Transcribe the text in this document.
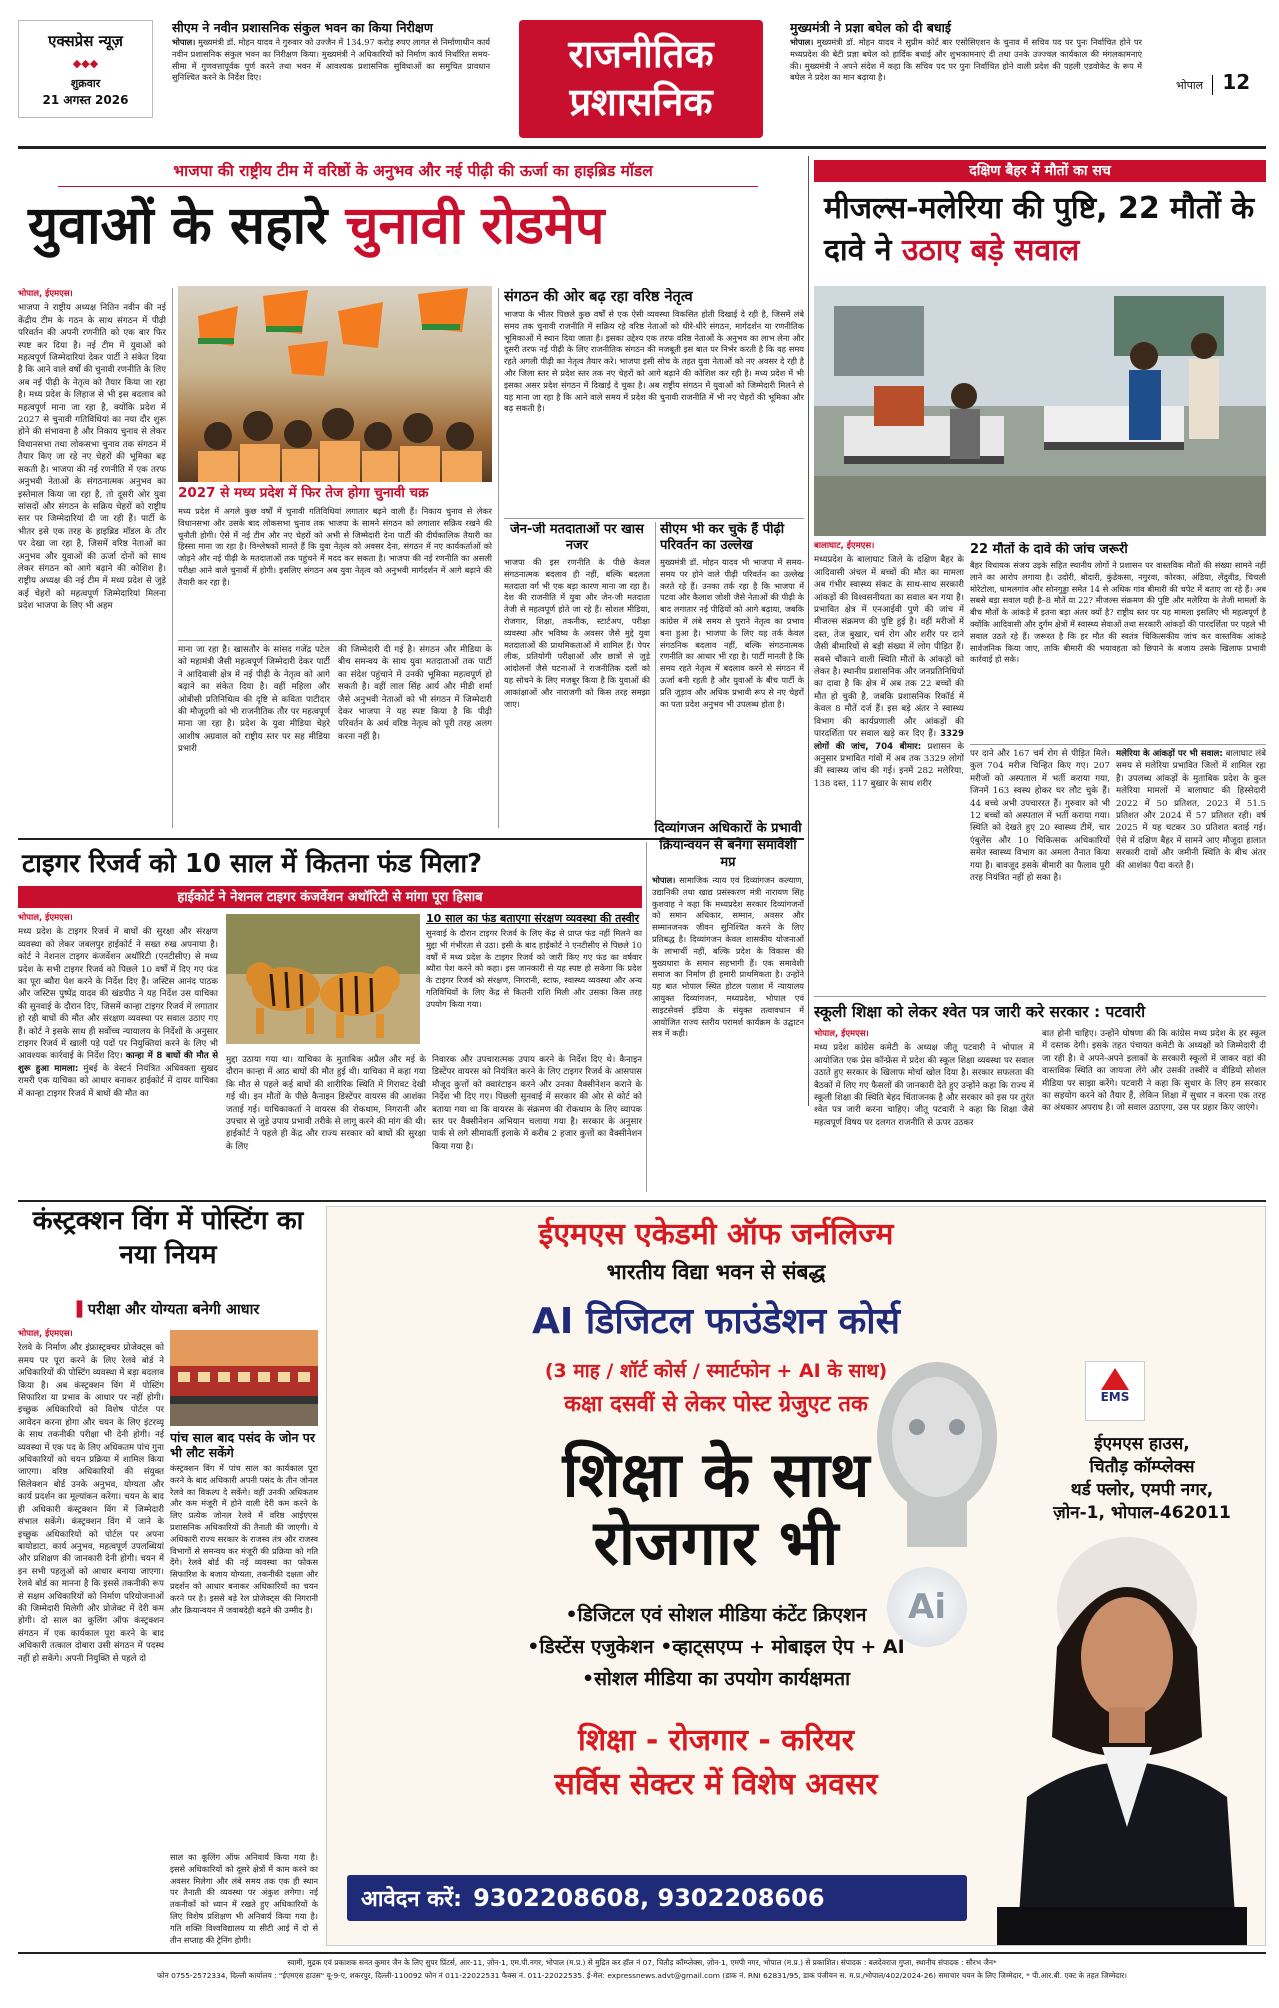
एक्सप्रेस न्यूज़
◆◆◆
शुक्रवार
21 अगस्त 2026
सीएम ने नवीन प्रशासनिक संकुल भवन का किया निरीक्षण
भोपाल। मुख्यमंत्री डॉ. मोहन यादव ने गुरुवार को उज्जैन में 134.97 करोड़ रुपए लागत से निर्माणाधीन कार्य नवीन प्रशासनिक संकुल भवन का निरीक्षण किया। मुख्यमंत्री ने अधिकारियों को निर्माण कार्य निर्धारित समय-सीमा में गुणवत्तापूर्वक पूर्ण करने तथा भवन में आवश्यक प्रशासनिक सुविधाओं का समुचित प्रावधान सुनिश्चित करने के निर्देश दिए।
राजनीतिक
प्रशासनिक
मुख्यमंत्री ने प्रज्ञा बघेल को दी बधाई
भोपाल। मुख्यमंत्री डॉ. मोहन यादव ने सुप्रीम कोर्ट बार एसोसिएशन के चुनाव में सचिव पद पर पुनः निर्वाचित होने पर मध्यप्रदेश की बेटी प्रज्ञा बघेल को हार्दिक बधाई और शुभकामनाएं दी तथा उनके उज्ज्वल कार्यकाल की मंगलकामनाएं की। मुख्यमंत्री ने अपने संदेश में कहा कि सचिव पद पर पुनः निर्वाचित होने वाली प्रदेश की पहली एडवोकेट के रूप में बघेल ने प्रदेश का मान बढ़ाया है।
भोपाल 12
भाजपा की राष्ट्रीय टीम में वरिष्ठों के अनुभव और नई पीढ़ी की ऊर्जा का हाइब्रिड मॉडल
युवाओं के सहारे चुनावी रोडमेप
भोपाल, ईएमएस।
भाजपा ने राष्ट्रीय अध्यक्ष नितिन नवीन की नई केंद्रीय टीम के गठन के साथ संगठन में पीढ़ी परिवर्तन की अपनी रणनीति को एक बार फिर स्पष्ट कर दिया है। नई टीम में युवाओं को महत्वपूर्ण जिम्मेदारियां देकर पार्टी ने संकेत दिया है कि आने वाले वर्षों की चुनावी रणनीति के लिए अब नई पीढ़ी के नेतृत्व को तैयार किया जा रहा है। मध्य प्रदेश के लिहाज से भी इस बदलाव को महत्वपूर्ण माना जा रहा है, क्योंकि प्रदेश में 2027 से चुनावी गतिविधियां का नया दौर शुरू होने की संभावना है और निकाय चुनाव से लेकर विधानसभा तथा लोकसभा चुनाव तक संगठन में तैयार किए जा रहे नए चेहरों की भूमिका बढ़ सकती है। भाजपा की नई रणनीति में एक तरफ अनुभवी नेताओं के संगठनात्मक अनुभव का इस्तेमाल किया जा रहा है, तो दूसरी ओर युवा सांसदों और संगठन के सक्रिय चेहरों को राष्ट्रीय स्तर पर जिम्मेदारियां दी जा रही हैं। पार्टी के भीतर इसे एक तरह के हाइब्रिड मॉडल के तौर पर देखा जा रहा है, जिसमें वरिष्ठ नेताओं का अनुभव और युवाओं की ऊर्जा दोनों को साथ लेकर संगठन को आगे बढ़ाने की कोशिश है। राष्ट्रीय अध्यक्ष की नई टीम में मध्य प्रदेश से जुड़े कई चेहरों को महत्वपूर्ण जिम्मेदारियां मिलना प्रदेश भाजपा के लिए भी अहम
2027 से मध्य प्रदेश में फिर तेज होगा चुनावी चक्र
मध्य प्रदेश में अगले कुछ वर्षों में चुनावी गतिविधियां लगातार बढ़ने वाली हैं। निकाय चुनाव से लेकर विधानसभा और उसके बाद लोकसभा चुनाव तक भाजपा के सामने संगठन को लगातार सक्रिय रखने की चुनौती होगी। ऐसे में नई टीम और नए चेहरों को अभी से जिम्मेदारी देना पार्टी की दीर्घकालिक तैयारी का हिस्सा माना जा रहा है। विश्लेषकों मानते हैं कि युवा नेतृत्व को अवसर देना, संगठन में नए कार्यकर्ताओं को जोड़ने और नई पीढ़ी के मतदाताओं तक पहुंचने में मदद कर सकता है। भाजपा की नई रणनीति का असली परीक्षा आने वाले चुनावों में होगी। इसलिए संगठन अब युवा नेतृत्व को अनुभवी मार्गदर्शन में आगे बढ़ाने की तैयारी कर रहा है।
माना जा रहा है। खासतौर के सांसद गजेंद्र पटेल को महामंत्री जैसी महत्वपूर्ण जिम्मेदारी देकर पार्टी ने आदिवासी क्षेत्र में नई पीढ़ी के नेतृत्व को आगे बढ़ाने का संकेत दिया है। वहीं महिला और ओबीसी प्रतिनिधित्व की दृष्टि से कविता पाटीदार की मौजूदगी को भी राजनीतिक तौर पर महत्वपूर्ण माना जा रहा है। प्रदेश के युवा मीडिया चेहरे आशीष अग्रवाल को राष्ट्रीय स्तर पर सह मीडिया प्रभारी
की जिम्मेदारी दी गई है। संगठन और मीडिया के बीच समन्वय के साथ युवा मतदाताओं तक पार्टी का संदेश पहुंचाने में उनकी भूमिका महत्वपूर्ण हो सकती है। वहीं लाल सिंह आर्य और मीडी शर्मा जैसे अनुभवी नेताओं को भी संगठन में जिम्मेदारी देकर भाजपा ने यह स्पष्ट किया है कि पीढ़ी परिवर्तन के अर्थ वरिष्ठ नेतृत्व को पूरी तरह अलग करना नहीं है।
संगठन की ओर बढ़ रहा वरिष्ठ नेतृत्व
भाजपा के भीतर पिछले कुछ वर्षों से एक ऐसी व्यवस्था विकसित होती दिखाई दे रही है, जिसमें लंबे समय तक चुनावी राजनीति में सक्रिय रहे वरिष्ठ नेताओं को धीरे-धीरे संगठन, मार्गदर्शन या रणनीतिक भूमिकाओं में स्थान दिया जाता है। इसका उद्देश्य एक तरफ वरिष्ठ नेताओं के अनुभव का लाभ लेना और दूसरी तरफ नई पीढ़ी के लिए राजनीतिक संगठन की मजबूती इस बात पर निर्भर करती है कि वह समय रहते अगली पीढ़ी का नेतृत्व तैयार करे। भाजपा इसी सोच के तहत युवा नेताओं को नए अवसर दे रही है और जिला स्तर से प्रदेश स्तर तक नए चेहरों को आगे बढ़ाने की कोशिश कर रही है। मध्य प्रदेश में भी इसका असर प्रदेश संगठन में दिखाई दे चुका है। अब राष्ट्रीय संगठन में युवाओं को जिम्मेदारी मिलने से यह माना जा रहा है कि आने वाले समय में प्रदेश की चुनावी राजनीति में भी नए चेहरों की भूमिका और बढ़ सकती है।
जेन-जी मतदाताओं पर खास नजर
भाजपा की इस रणनीति के पीछे केवल संगठनात्मक बदलाव ही नहीं, बल्कि बदलता मतदाता वर्ग भी एक बड़ा कारण माना जा रहा है। देश की राजनीति में युवा और जेन-जी मतदाता तेजी से महत्वपूर्ण होते जा रहे हैं। सोशल मीडिया, रोजगार, शिक्षा, तकनीक, स्टार्टअप, परीक्षा व्यवस्था और भविष्य के अवसर जैसे मुद्दे युवा मतदाताओं की प्राथमिकताओं में शामिल हैं। पेपर लीक, प्रतियोगी परीक्षाओं और छात्रों से जुड़े आंदोलनों जैसे घटनाओं ने राजनीतिक दलों को यह सोचने के लिए मजबूर किया है कि युवाओं की आकांक्षाओं और नाराजगी को किस तरह समझा जाए।
सीएम भी कर चुके हैं पीढ़ी परिवर्तन का उल्लेख
मुख्यमंत्री डॉ. मोहन यादव भी भाजपा में समय-समय पर होने वाले पीढ़ी परिवर्तन का उल्लेख करते रहे हैं। उनका तर्क रहा है कि भाजपा में पटवा और कैलाश जोशी जैसे नेताओं की पीढ़ी के बाद लगातार नई पीढ़ियों को आगे बढ़ाया, जबकि कांग्रेस में लंबे समय से पुराने नेतृत्व का प्रभाव बना हुआ है। भाजपा के लिए यह तर्क केवल संगठनिक बदलाव नहीं, बल्कि संगठनात्मक रणनीति का आधार भी रहा है। पार्टी मानती है कि समय रहते नेतृत्व में बदलाव करने से संगठन में ऊर्जा बनी रहती है और युवाओं के बीच पार्टी के प्रति जुड़ाव और अधिक प्रभावी रूप से नए चेहरों का पता प्रदेश अनुभव भी उपलब्ध होता है।
दक्षिण बैहर में मौतों का सच
मीजल्स-मलेरिया की पुष्टि, 22 मौतों के दावे ने उठाए बड़े सवाल
बालाघाट, ईएमएस।
मध्यप्रदेश के बालाघाट जिले के दक्षिण बैहर के आदिवासी अंचल में बच्चों की मौत का मामला अब गंभीर स्वास्थ्य संकट के साथ-साथ सरकारी आंकड़ों की विश्वसनीयता का सवाल बन गया है। प्रभावित क्षेत्र में एनआईवी पुणे की जांच में मीजल्स संक्रमण की पुष्टि हुई है। वहीं मरीजों में दस्त, तेज बुखार, चर्म रोग और शरीर पर दाने जैसी बीमारियों से बड़ी संख्या में लोग पीड़ित हैं। सबसे चौंकाने वाली स्थिति मौतों के आंकड़ों को लेकर है। स्थानीय प्रशासनिक और जनप्रतिनिधियों का दावा है कि क्षेत्र में अब तक 22 बच्चों की मौत हो चुकी है, जबकि प्रशासनिक रिकॉर्ड में केवल 8 मौतें दर्ज हैं। इस बड़े अंतर ने स्वास्थ्य विभाग की कार्यप्रणाली और आंकड़ों की पारदर्शिता पर सवाल खड़े कर दिए हैं। 3329 लोगों की जांच, 704 बीमार: प्रशासन के अनुसार प्रभावित गांवों में अब तक 3329 लोगों की स्वास्थ्य जांच की गई। इनमें 282 मलेरिया, 138 दस्त, 117 बुखार के साथ शरीर
22 मौतों के दावे की जांच जरूरी
बैहर विधायक संजय उइके सहित स्थानीय लोगों ने प्रशासन पर वास्तविक मौतों की संख्या सामने नहीं लाने का आरोप लगाया है। उदोरी, बोदारी, कुंडेकसा, नगुरवा, कोरका, अंडिया, लेंदुवीड, चिचली मोरेटोला, धामलगांव और सोनगुड्डा समेत 14 से अधिक गांव बीमारी की चपेट में बताए जा रहे हैं। अब सबसे बड़ा सवाल यही है–8 मौतें या 22? मीजल्स संक्रमण की पुष्टि और मलेरिया के तेजी मामलों के बीच मौतों के आंकड़े में इतना बड़ा अंतर क्यों है? राष्ट्रीय स्तर पर यह मामला इसलिए भी महत्वपूर्ण है क्योंकि आदिवासी और दुर्गम क्षेत्रों में स्वास्थ्य सेवाओं तथा सरकारी आंकड़ों की पारदर्शिता पर पहले भी सवाल उठते रहे हैं। जरूरत है कि हर मौत की स्वतंत्र चिकित्सकीय जांच कर वास्तविक आंकड़े सार्वजनिक किया जाए, ताकि बीमारी की भयावहता को छिपाने के बजाय उसके खिलाफ प्रभावी कार्रवाई हो सके।
पर दाने और 167 चर्म रोग से पीड़ित मिले। कुल 704 मरीज चिन्हित किए गए। 207 मरीजों को अस्पताल में भर्ती कराया गया, जिनमें 163 स्वस्थ होकर घर लौट चुके हैं। 44 बच्चे अभी उपचाररत हैं। गुरुवार को भी 12 बच्चों को अस्पताल में भर्ती कराया गया। स्थिति को देखते हुए 20 स्वास्थ्य टीमें, चार एंबुलेंस और 10 चिकित्सक अधिकारियों समेत स्वास्थ्य विभाग का अमला तैनात किया गया है। बावजूद इसके बीमारी का फैलाव पूरी तरह नियंत्रित नहीं हो सका है।
मलेरिया के आंकड़ों पर भी सवाल: बालाघाट लंबे समय से मलेरिया प्रभावित जिलों में शामिल रहा है। उपलब्ध आंकड़ों के मुताबिक प्रदेश के कुल मलेरिया मामलों में बालाघाट की हिस्सेदारी 2022 में 50 प्रतिशत, 2023 में 51.5 प्रतिशत और 2024 में 57 प्रतिशत रही। वर्ष 2025 में यह घटकर 30 प्रतिशत बताई गई। ऐसे में दक्षिण बैहर में सामने आए मौजूदा हालात सरकारी दावों और जमीनी स्थिति के बीच अंतर की आशंका पैदा करते हैं।
टाइगर रिजर्व को 10 साल में कितना फंड मिला?
हाईकोर्ट ने नेशनल टाइगर कंजर्वेशन अथॉरिटी से मांगा पूरा हिसाब
भोपाल, ईएमएस।
मध्य प्रदेश के टाइगर रिजर्व में बाघों की सुरक्षा और संरक्षण व्यवस्था को लेकर जबलपुर हाईकोर्ट ने सख्त रुख अपनाया है। कोर्ट ने नेशनल टाइगर कंजर्वेशन अथॉरिटी (एनटीसीए) से मध्य प्रदेश के सभी टाइगर रिजर्व को पिछले 10 वर्षों में दिए गए फंड का पूरा ब्यौरा पेश करने के निर्देश दिए हैं। जस्टिस आनंद पाठक और जस्टिस पुष्पेंद्र यादव की खंडपीठ ने यह निर्देश उस याचिका की सुनवाई के दौरान दिए, जिसमें कान्हा टाइगर रिजर्व में लगातार हो रही बाघों की मौत और संरक्षण व्यवस्था पर सवाल उठाए गए हैं। कोर्ट ने इसके साथ ही सर्वोच्च न्यायालय के निर्देशों के अनुसार टाइगर रिजर्व में खाली पड़े पदों पर नियुक्तियां करने के लिए भी आवश्यक कार्रवाई के निर्देश दिए। कान्हा में 8 बाघों की मौत से शुरू हुआ मामला: मुंबई के वेस्टर्न नियंत्रित अधिवक्ता सुखद रामरी एक याचिका को आधार बनाकर हाईकोर्ट में दायर याचिका में कान्हा टाइगर रिजर्व में बाघों की मौत का
10 साल का फंड बताएगा संरक्षण व्यवस्था की तस्वीर
सुनवाई के दौरान टाइगर रिजर्व के लिए केंद्र से प्राप्त फंड नहीं मिलने का मुद्दा भी गंभीरता से उठा। इसी के बाद हाईकोर्ट ने एनटीसीए से पिछले 10 वर्षों में मध्य प्रदेश के टाइगर रिजर्व को जारी किए गए फंड का वर्षवार ब्यौरा पेश करने को कहा। इस जानकारी से यह स्पष्ट हो सकेगा कि प्रदेश के टाइगर रिजर्व को संरक्षण, निगरानी, स्टाफ, स्वास्थ्य व्यवस्था और अन्य गतिविधियों के लिए केंद्र से कितनी राशि मिली और उसका किस तरह उपयोग किया गया।
मुद्दा उठाया गया था। याचिका के मुताबिक अप्रैल और मई के दौरान कान्हा में आठ बाघों की मौत हुई थी। याचिका में कहा गया कि मौत से पहले कई बाघों की शारीरिक स्थिति में गिरावट देखी गई थी। इन मौतों के पीछे कैनाइन डिस्टेंपर वायरस की आशंका जताई गई। याचिकाकर्ता ने वायरस की रोकथाम, निगरानी और उपचार से जुड़े उपाय प्रभावी तरीके से लागू करने की मांग की थी। हाईकोर्ट ने पहले ही केंद्र और राज्य सरकार को बाघों की सुरक्षा के लिए
निवारक और उपचारात्मक उपाय करने के निर्देश दिए थे। कैनाइन डिस्टेंपर वायरस को नियंत्रित करने के लिए टाइगर रिजर्व के आसपास मौजूद कुत्तों को क्वारंटाइन करने और उनका वैक्सीनेशन कराने के निर्देश भी दिए गए। पिछली सुनवाई में सरकार की ओर से कोर्ट को बताया गया था कि वायरस के संक्रमण की रोकथाम के लिए व्यापक स्तर पर वैक्सीनेशन अभियान चलाया गया है। सरकार के अनुसार पार्क से लगे सीमावर्ती इलाके में करीब 2 हजार कुत्तों का वैक्सीनेशन किया गया है।
दिव्यांगजन अधिकारों के प्रभावी क्रियान्वयन से बनेगा समावेशी मप्र
भोपाल। सामाजिक न्याय एवं दिव्यांगजन कल्याण, उद्यानिकी तथा खाद्य प्रसंस्करण मंत्री नारायण सिंह कुशवाह ने कहा कि मध्यप्रदेश सरकार दिव्यांगजनों को समान अधिकार, सम्मान, अवसर और सम्मानजनक जीवन सुनिश्चित करने के लिए प्रतिबद्ध है। दिव्यांगजन केवल शासकीय योजनाओं के लाभार्थी नहीं, बल्कि प्रदेश के विकास की मुख्यधारा के समान सहभागी हैं। एक समावेशी समाज का निर्माण ही हमारी प्राथमिकता है। उन्होंने यह बात भोपाल स्थित होटल पलाश में न्यायालय आयुक्त दिव्यांगजन, मध्यप्रदेश, भोपाल एवं साइटसेवर्स इंडिया के संयुक्त तत्वावधान में आयोजित राज्य स्तरीय परामर्श कार्यक्रम के उद्घाटन सत्र में कही।
स्कूली शिक्षा को लेकर श्वेत पत्र जारी करे सरकार : पटवारी
भोपाल, ईएमएस।
मध्य प्रदेश कांग्रेस कमेटी के अध्यक्ष जीतू पटवारी ने भोपाल में आयोजित एक प्रेस कॉन्फ्रेंस में प्रदेश की स्कूल शिक्षा व्यवस्था पर सवाल उठाते हुए सरकार के खिलाफ मोर्चा खोल दिया है। सरकार सफलता की बैठकों में लिए गए फैसलों की जानकारी देते हुए उन्होंने कहा कि राज्य में स्कूली शिक्षा की स्थिति बेहद चिंताजनक है और सरकार को इस पर तुरंत श्वेत पत्र जारी करना चाहिए। जीतू पटवारी ने कहा कि शिक्षा जैसे महत्वपूर्ण विषय पर दलगत राजनीति से ऊपर उठकर
बात होनी चाहिए। उन्होंने घोषणा की कि कांग्रेस मध्य प्रदेश के हर स्कूल में दस्तक देगी। इसके तहत पंचायत कमेटी के अध्यक्षों को जिम्मेदारी दी जा रही है। वे अपने-अपने इलाकों के सरकारी स्कूलों में जाकर वहां की वास्तविक स्थिति का जायजा लेंगे और उसकी तस्वीरें व वीडियो सोशल मीडिया पर साझा करेंगे। पटवारी ने कहा कि सुधार के लिए हम सरकार का सहयोग करने को तैयार हैं, लेकिन शिक्षा में सुधार न करना एक तरह का अंधकार अपराध है। जो सवाल उठाएगा, उस पर प्रहार किए जाएंगे।
कंस्ट्रक्शन विंग में पोस्टिंग का नया नियम
▌परीक्षा और योग्यता बनेगी आधार
भोपाल, ईएमएस।
रेलवे के निर्माण और इंफ्रास्ट्रक्चर प्रोजेक्ट्स को समय पर पूरा करने के लिए रेलवे बोर्ड ने अधिकारियों की पोस्टिंग व्यवस्था में बड़ा बदलाव किया है। अब कंस्ट्रक्शन विंग में पोस्टिंग सिफारिश या प्रभाव के आधार पर नहीं होगी। इच्छुक अधिकारियों को विशेष पोर्टल पर आवेदन करना होगा और चयन के लिए इंटरव्यू के साथ तकनीकी परीक्षा भी देनी होगी। नई व्यवस्था में एक पद के लिए अधिकतम पांच गुना अधिकारियों को चयन प्रक्रिया में शामिल किया जाएगा। वरिष्ठ अधिकारियों की संयुक्त सिलेक्शन बोर्ड उनके अनुभव, योग्यता और कार्य प्रदर्शन का मूल्यांकन करेगा। चयन के बाद ही अधिकारी कंस्ट्रक्शन विंग में जिम्मेदारी संभाल सकेंगे। कंस्ट्रक्शन विंग में जाने के इच्छुक अधिकारियों को पोर्टल पर अपना बायोडाटा, कार्य अनुभव, महत्वपूर्ण उपलब्धियां और प्रशिक्षण की जानकारी देनी होगी। चयन में इन सभी पहलुओं को आधार बनाया जाएगा। रेलवे बोर्ड का मानना है कि इससे तकनीकी रूप से सक्षम अधिकारियों को निर्माण परियोजनाओं की जिम्मेदारी मिलेगी और प्रोजेक्ट में देरी कम होगी। दो साल का कूलिंग ऑफ कंस्ट्रक्शन संगठन में एक कार्यकाल पूरा करने के बाद अधिकारी तत्काल दोबारा उसी संगठन में पदस्थ नहीं हो सकेंगे। अपनी नियुक्ति से पहले दो
पांच साल बाद पसंद के जोन पर भी लौट सकेंगे
कंस्ट्रक्शन विंग में पांच साल का कार्यकाल पूरा करने के बाद अधिकारी अपनी पसंद के तीन जोनल रेलवे का विकल्प दे सकेंगे। वहीं उनकी अधिकतम और कम मंजूरी में होने वाली देरी कम करने के लिए प्रत्येक जोनल रेलवे में वरिष्ठ आईएएस प्रशासनिक अधिकारियों की तैनाती की जाएगी। ये अधिकारी राज्य सरकार के राजस्व तंत्र और राजस्व विभागों से समन्वय कर मंजूरी की प्रक्रिया को गति देंगे। रेलवे बोर्ड की नई व्यवस्था का फोकस सिफारिश के बजाय योग्यता, तकनीकी दक्षता और प्रदर्शन को आधार बनाकर अधिकारियों का चयन करने पर है। इससे बड़े रेल प्रोजेक्ट्स की निगरानी और क्रियान्वयन में जवाबदेही बढ़ने की उम्मीद है।
साल का कूलिंग ऑफ अनिवार्य किया गया है। इससे अधिकारियों को दूसरे क्षेत्रों में काम करने का अवसर मिलेगा और लंबे समय तक एक ही स्थान पर तैनाती की व्यवस्था पर अंकुश लगेगा। नई तकनीकों को ध्यान में रखते हुए अधिकारियों के लिए विशेष प्रशिक्षण भी अनिवार्य किया गया है। गति शक्ति विश्वविद्यालय या सीटी आई में दो से तीन सप्ताह की ट्रेनिंग होगी।
ईएमएस एकेडमी ऑफ जर्नलिज्म
भारतीय विद्या भवन से संबद्ध
AI डिजिटल फाउंडेशन कोर्स
(3 माह / शॉर्ट कोर्स / स्मार्टफोन + AI के साथ)
कक्षा दसवीं से लेकर पोस्ट ग्रेजुएट तक
शिक्षा के साथ
रोजगार भी
•डिजिटल एवं सोशल मीडिया कंटेंट क्रिएशन
•डिस्टेंस एजुकेशन •व्हाट्सएप्प + मोबाइल ऐप + AI
•सोशल मीडिया का उपयोग कार्यक्षमता
शिक्षा - रोजगार - करियर
सर्विस सेक्टर में विशेष अवसर
EMS
ईएमएस हाउस,
चितौड़ कॉम्प्लेक्स
थर्ड फ्लोर, एमपी नगर,
ज़ोन-1, भोपाल-462011
Ai
आवेदन करें: 9302208608, 9302208606
स्वामी, मुद्रक एवं प्रकाशक सनत कुमार जैन के लिए सुपर प्रिंटर्स, आर-11, ज़ोन-1, एम.पी.नगर, भोपाल (म.प्र.) से मुद्रित कर हॉल नं 07, चितौड़ कॉम्प्लेक्स, ज़ोन-1, एमपी नगर, भोपाल (म.प्र.) से प्रकाशित। संपादक : बलदेवराज गुप्ता, स्थानीय संपादक : सौरभ जैन*
फोन 0755-2572334, दिल्ली कार्यालय : "ईएमएस हाउस" यू-9-ए, शकरपुर, दिल्ली-110092 फोन नं 011-22022531 फैक्स नं. 011-22022535. ई-मेल: expressnews.advt@gmail.com (डाक नं. RNI 62831/95, डाक पंजीयन स. म.प्र./भोपाल/402/2024-26) समाचार चयन के लिए जिम्मेदार, * पी.आर.बी. एक्ट के तहत जिम्मेदार।
